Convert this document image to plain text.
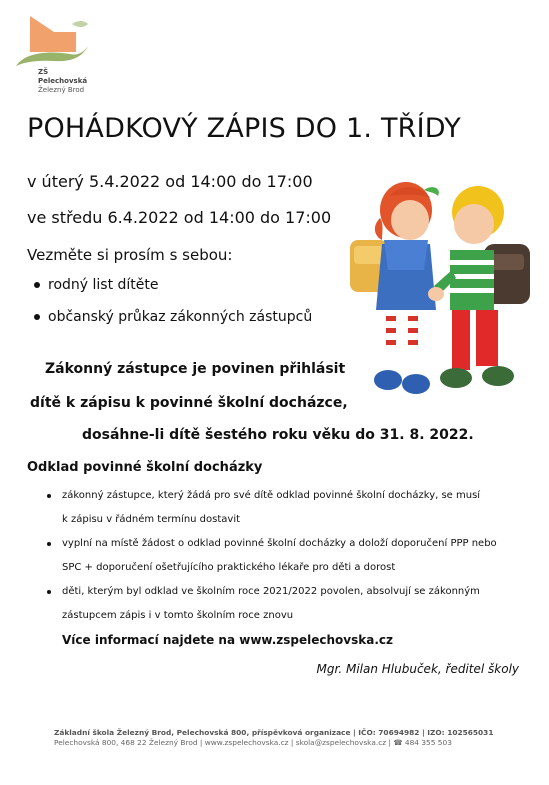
ZŠ Pelechovská
Železný Brod
POHÁDKOVÝ ZÁPIS DO 1. TŘÍDY
v úterý 5.4.2022 od 14:00 do 17:00
ve středu 6.4.2022 od 14:00 do 17:00
Vezměte si prosím s sebou:
rodný list dítěte
občanský průkaz zákonných zástupců
Zákonný zástupce je povinen přihlásit
dítě k zápisu k povinné školní docházce,
dosáhne-li dítě šestého roku věku do 31. 8. 2022.
Odklad povinné školní docházky
zákonný zástupce, který žádá pro své dítě odklad povinné školní docházky, se musí
k zápisu v řádném termínu dostavit
vyplní na místě žádost o odklad povinné školní docházky a doloží doporučení PPP nebo
SPC + doporučení ošetřujícího praktického lékaře pro děti a dorost
děti, kterým byl odklad ve školním roce 2021/2022 povolen, absolvují se zákonným
zástupcem zápis i v tomto školním roce znovu
Více informací najdete na www.zspelechovska.cz
Mgr. Milan Hlubuček, ředitel školy
Základní škola Železný Brod, Pelechovská 800, příspěvková organizace | IČO: 70694982 | IZO: 102565031
Pelechovská 800, 468 22 Železný Brod | www.zspelechovska.cz | skola@zspelechovska.cz | ☎ 484 355 503
